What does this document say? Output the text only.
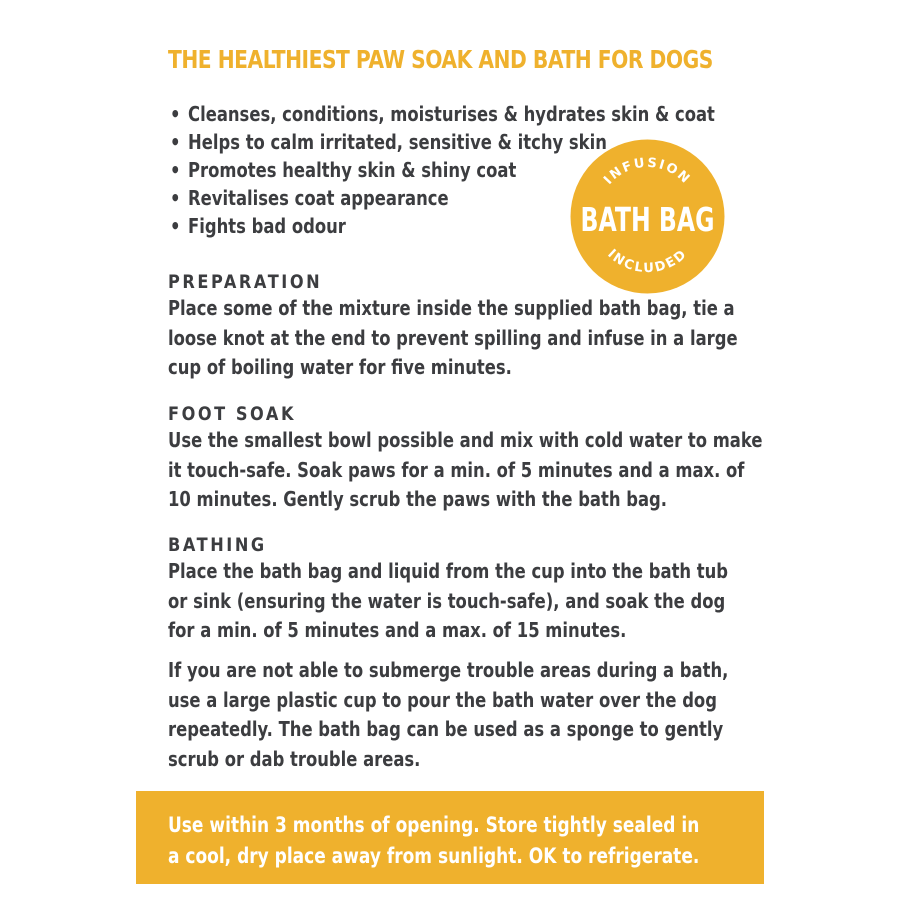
THE HEALTHIEST PAW SOAK AND BATH FOR DOGS
• Cleanses, conditions, moisturises & hydrates skin & coat
• Helps to calm irritated, sensitive & itchy skin
• Promotes healthy skin & shiny coat
• Revitalises coat appearance
• Fights bad odour
INFUSION
BATH BAG
INCLUDED
PREPARATION

Place some of the mixture inside the supplied bath bag, tie a
loose knot at the end to prevent spilling and infuse in a large
cup of boiling water for five minutes.

FOOT SOAK

Use the smallest bowl possible and mix with cold water to make
it touch-safe. Soak paws for a min. of 5 minutes and a max. of
10 minutes. Gently scrub the paws with the bath bag.

BATHING

Place the bath bag and liquid from the cup into the bath tub
or sink (ensuring the water is touch-safe), and soak the dog
for a min. of 5 minutes and a max. of 15 minutes.

If you are not able to submerge trouble areas during a bath,
use a large plastic cup to pour the bath water over the dog
repeatedly. The bath bag can be used as a sponge to gently
scrub or dab trouble areas.

Use within 3 months of opening. Store tightly sealed in
a cool, dry place away from sunlight. OK to refrigerate.
